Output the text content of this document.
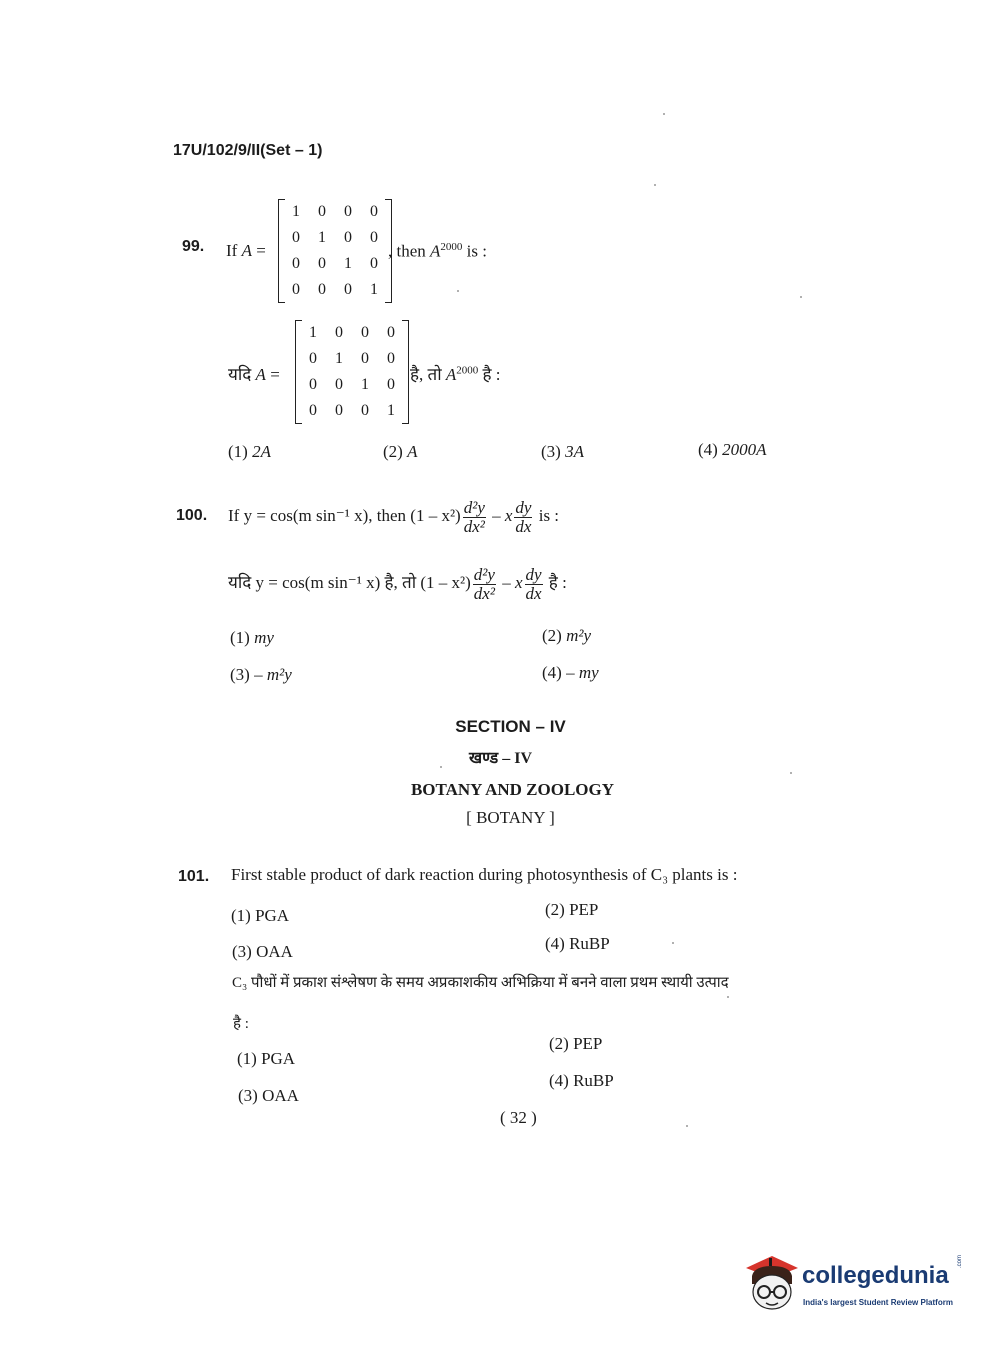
17U/102/9/II(Set – 1)
99. If A =
1	0	0	0
0	1	0	0
0	0	1	0
0	0	0	1
, then $A^{2000}$ is :
यदि A =
1	0	0	0
0	1	0	0
0	0	1	0
0	0	0	1
है, तो $A^{2000}$ है :
(1) 2A	(2) A	(3) 3A	(4) 2000A
100. If y = cos(m sin⁻¹ x), then $(1 - x^2) \frac{\text{d²y}}{\text{dx²}}$ – x $\frac{dy}{dx}$ is :
यदि y = cos(m sin⁻¹ x) है, तो $(1 - x^2) \frac{\text{d²y}}{\text{dx²}}$ – x $\frac{dy}{dx}$ है :
(1) my	(2) m²y
(3) – m²y	(4) – my
SECTION – IV
खण्ड – IV
BOTANY AND ZOOLOGY
[ BOTANY ]
101. First stable product of dark reaction during photosynthesis of C₃ plants is :
(1) PGA	(2) PEP
(3) OAA	(4) RuBP
C₃ पौधों में प्रकाश संश्लेषण के समय अप्रकाशकीय अभिक्रिया में बनने वाला प्रथम स्थायी उत्पाद
है :
(1) PGA
(2) PEP
(3) OAA
(4) RuBP
( 32 )
collegedunia
.com
India's largest Student Review Platform
